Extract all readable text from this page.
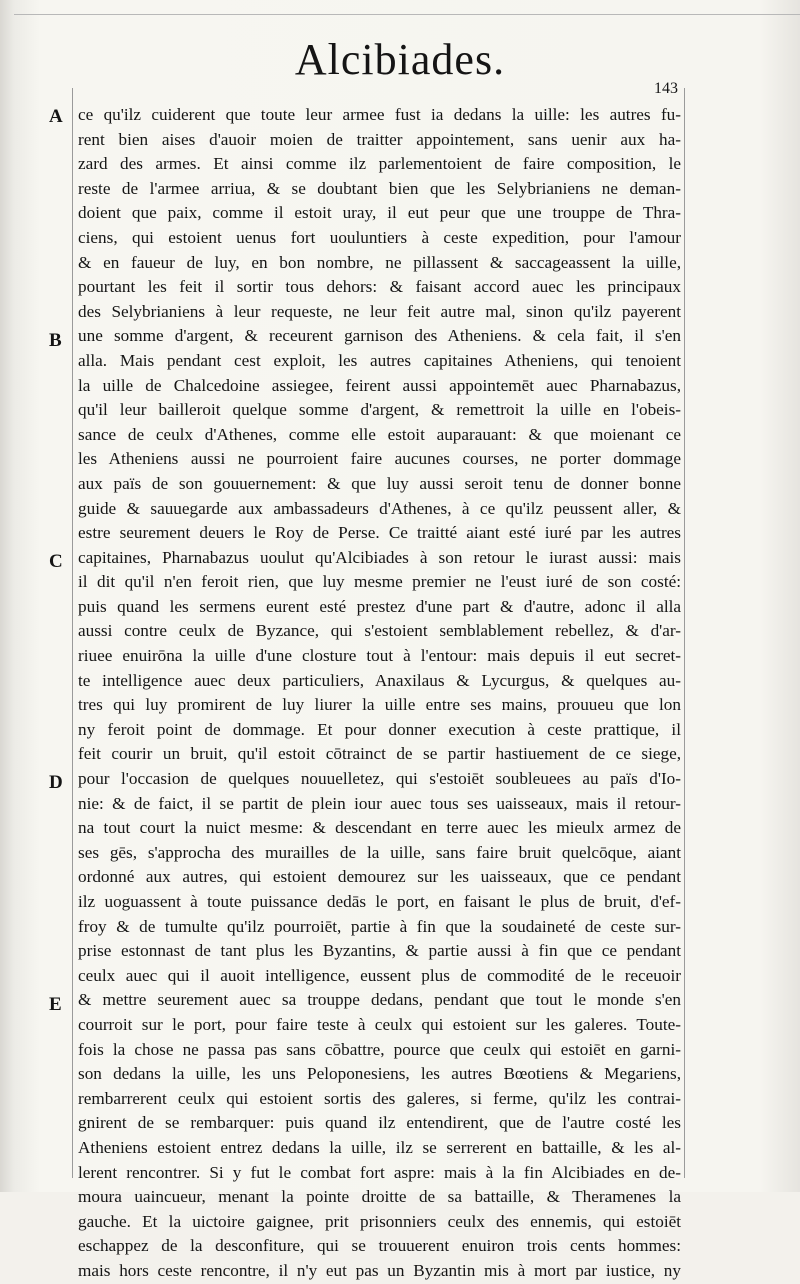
Alcibiades.
143
A
B
C
D
E
ce qu'ilz cuiderent que toute leur armee fust ia dedans la uille: les autres fu-
rent bien aises d'auoir moien de traitter appointement, sans uenir aux ha-
zard des armes. Et ainsi comme ilz parlementoient de faire composition, le
reste de l'armee arriua, & se doubtant bien que les Selybrianiens ne deman-
doient que paix, comme il estoit uray, il eut peur que une trouppe de Thra-
ciens, qui estoient uenus fort uouluntiers à ceste expedition, pour l'amour
& en faueur de luy, en bon nombre, ne pillassent & saccageassent la uille,
pourtant les feit il sortir tous dehors: & faisant accord auec les principaux
des Selybrianiens à leur requeste, ne leur feit autre mal, sinon qu'ilz payerent
une somme d'argent, & receurent garnison des Atheniens. & cela fait, il s'en
alla. Mais pendant cest exploit, les autres capitaines Atheniens, qui tenoient
la uille de Chalcedoine assiegee, feirent aussi appointemēt auec Pharnabazus,
qu'il leur bailleroit quelque somme d'argent, & remettroit la uille en l'obeis-
sance de ceulx d'Athenes, comme elle estoit auparauant: & que moienant ce
les Atheniens aussi ne pourroient faire aucunes courses, ne porter dommage
aux païs de son gouuernement: & que luy aussi seroit tenu de donner bonne
guide & sauuegarde aux ambassadeurs d'Athenes, à ce qu'ilz peussent aller, &
estre seurement deuers le Roy de Perse. Ce traitté aiant esté iuré par les autres
capitaines, Pharnabazus uoulut qu'Alcibiades à son retour le iurast aussi: mais
il dit qu'il n'en feroit rien, que luy mesme premier ne l'eust iuré de son costé:
puis quand les sermens eurent esté prestez d'une part & d'autre, adonc il alla
aussi contre ceulx de Byzance, qui s'estoient semblablement rebellez, & d'ar-
riuee enuirōna la uille d'une closture tout à l'entour: mais depuis il eut secret-
te intelligence auec deux particuliers, Anaxilaus & Lycurgus, & quelques au-
tres qui luy promirent de luy liurer la uille entre ses mains, prouueu que lon
ny feroit point de dommage. Et pour donner execution à ceste prattique, il
feit courir un bruit, qu'il estoit cōtrainct de se partir hastiuement de ce siege,
pour l'occasion de quelques nouuelletez, qui s'estoiēt soubleuees au païs d'Io-
nie: & de faict, il se partit de plein iour auec tous ses uaisseaux, mais il retour-
na tout court la nuict mesme: & descendant en terre auec les mieulx armez de
ses gēs, s'approcha des murailles de la uille, sans faire bruit quelcōque, aiant
ordonné aux autres, qui estoient demourez sur les uaisseaux, que ce pendant
ilz uoguassent à toute puissance dedās le port, en faisant le plus de bruit, d'ef-
froy & de tumulte qu'ilz pourroiēt, partie à fin que la soudaineté de ceste sur-
prise estonnast de tant plus les Byzantins, & partie aussi à fin que ce pendant
ceulx auec qui il auoit intelligence, eussent plus de commodité de le receuoir
& mettre seurement auec sa trouppe dedans, pendant que tout le monde s'en
courroit sur le port, pour faire teste à ceulx qui estoient sur les galeres. Toute-
fois la chose ne passa pas sans cōbattre, pource que ceulx qui estoiēt en garni-
son dedans la uille, les uns Peloponesiens, les autres Bœotiens & Megariens,
rembarrerent ceulx qui estoient sortis des galeres, si ferme, qu'ilz les contrai-
gnirent de se rembarquer: puis quand ilz entendirent, que de l'autre costé les
Atheniens estoient entrez dedans la uille, ilz se serrerent en battaille, & les al-
lerent rencontrer. Si y fut le combat fort aspre: mais à la fin Alcibiades en de-
moura uaincueur, menant la pointe droitte de sa battaille, & Theramenes la
gauche. Et la uictoire gaignee, prit prisonniers ceulx des ennemis, qui estoiēt
eschappez de la desconfiture, qui se trouuerent enuiron trois cents hommes:
mais hors ceste rencontre, il n'y eut pas un Byzantin mis à mort par iustice, ny
